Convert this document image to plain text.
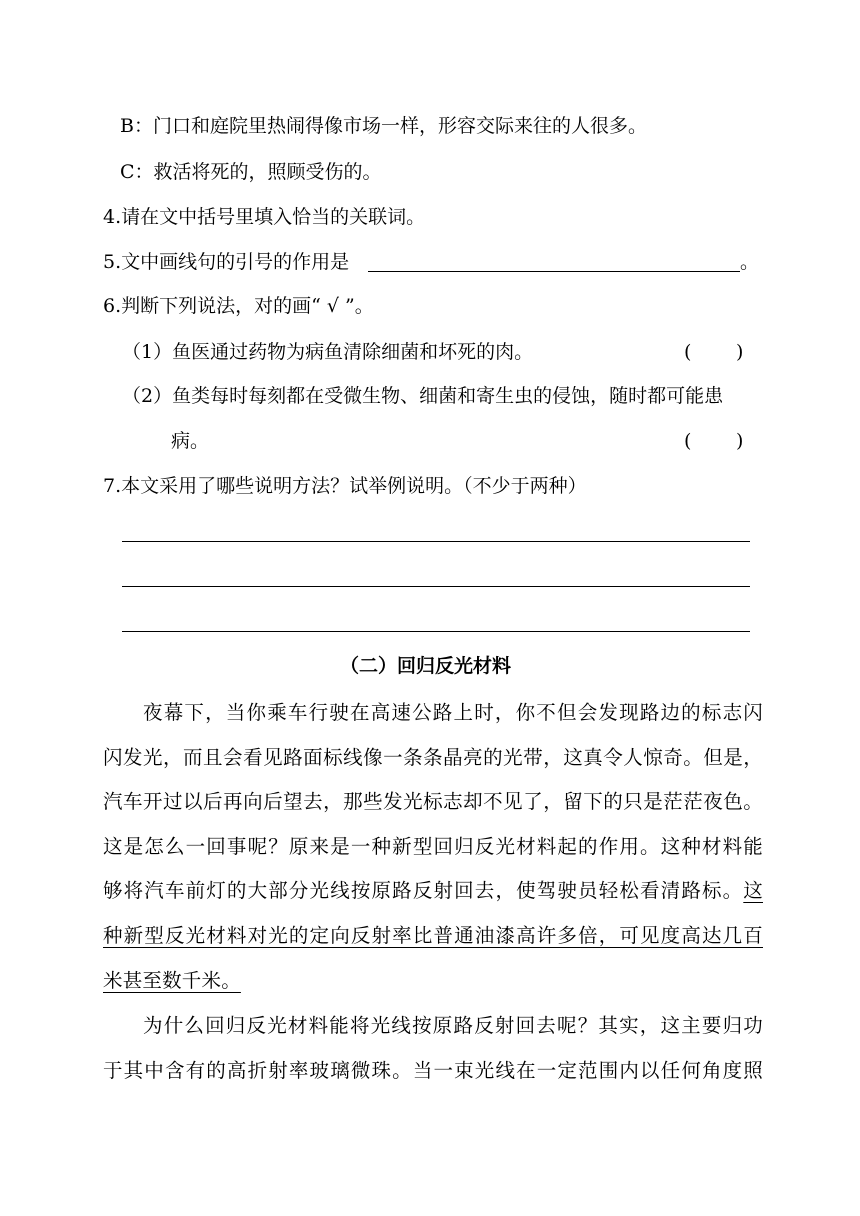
B：门口和庭院里热闹得像市场一样，形容交际来往的人很多。
C：救活将死的，照顾受伤的。
4.请在文中括号里填入恰当的关联词。
5.文中画线句的引号的作用是	。
6.判断下列说法，对的画“ √ ”。
（1）鱼医通过药物为病鱼清除细菌和坏死的肉。	( )
（2）鱼类每时每刻都在受微生物、细菌和寄生虫的侵蚀，随时都可能患
病。	( )
7.本文采用了哪些说明方法？试举例说明。（不少于两种）
（二）回归反光材料
夜幕下，当你乘车行驶在高速公路上时，你不但会发现路边的标志闪
闪发光，而且会看见路面标线像一条条晶亮的光带，这真令人惊奇。但是，
汽车开过以后再向后望去，那些发光标志却不见了，留下的只是茫茫夜色。
这是怎么一回事呢？原来是一种新型回归反光材料起的作用。这种材料能
够将汽车前灯的大部分光线按原路反射回去，使驾驶员轻松看清路标。这
种新型反光材料对光的定向反射率比普通油漆高许多倍，可见度高达几百
米甚至数千米。
为什么回归反光材料能将光线按原路反射回去呢？其实，这主要归功
于其中含有的高折射率玻璃微珠。当一束光线在一定范围内以任何角度照
